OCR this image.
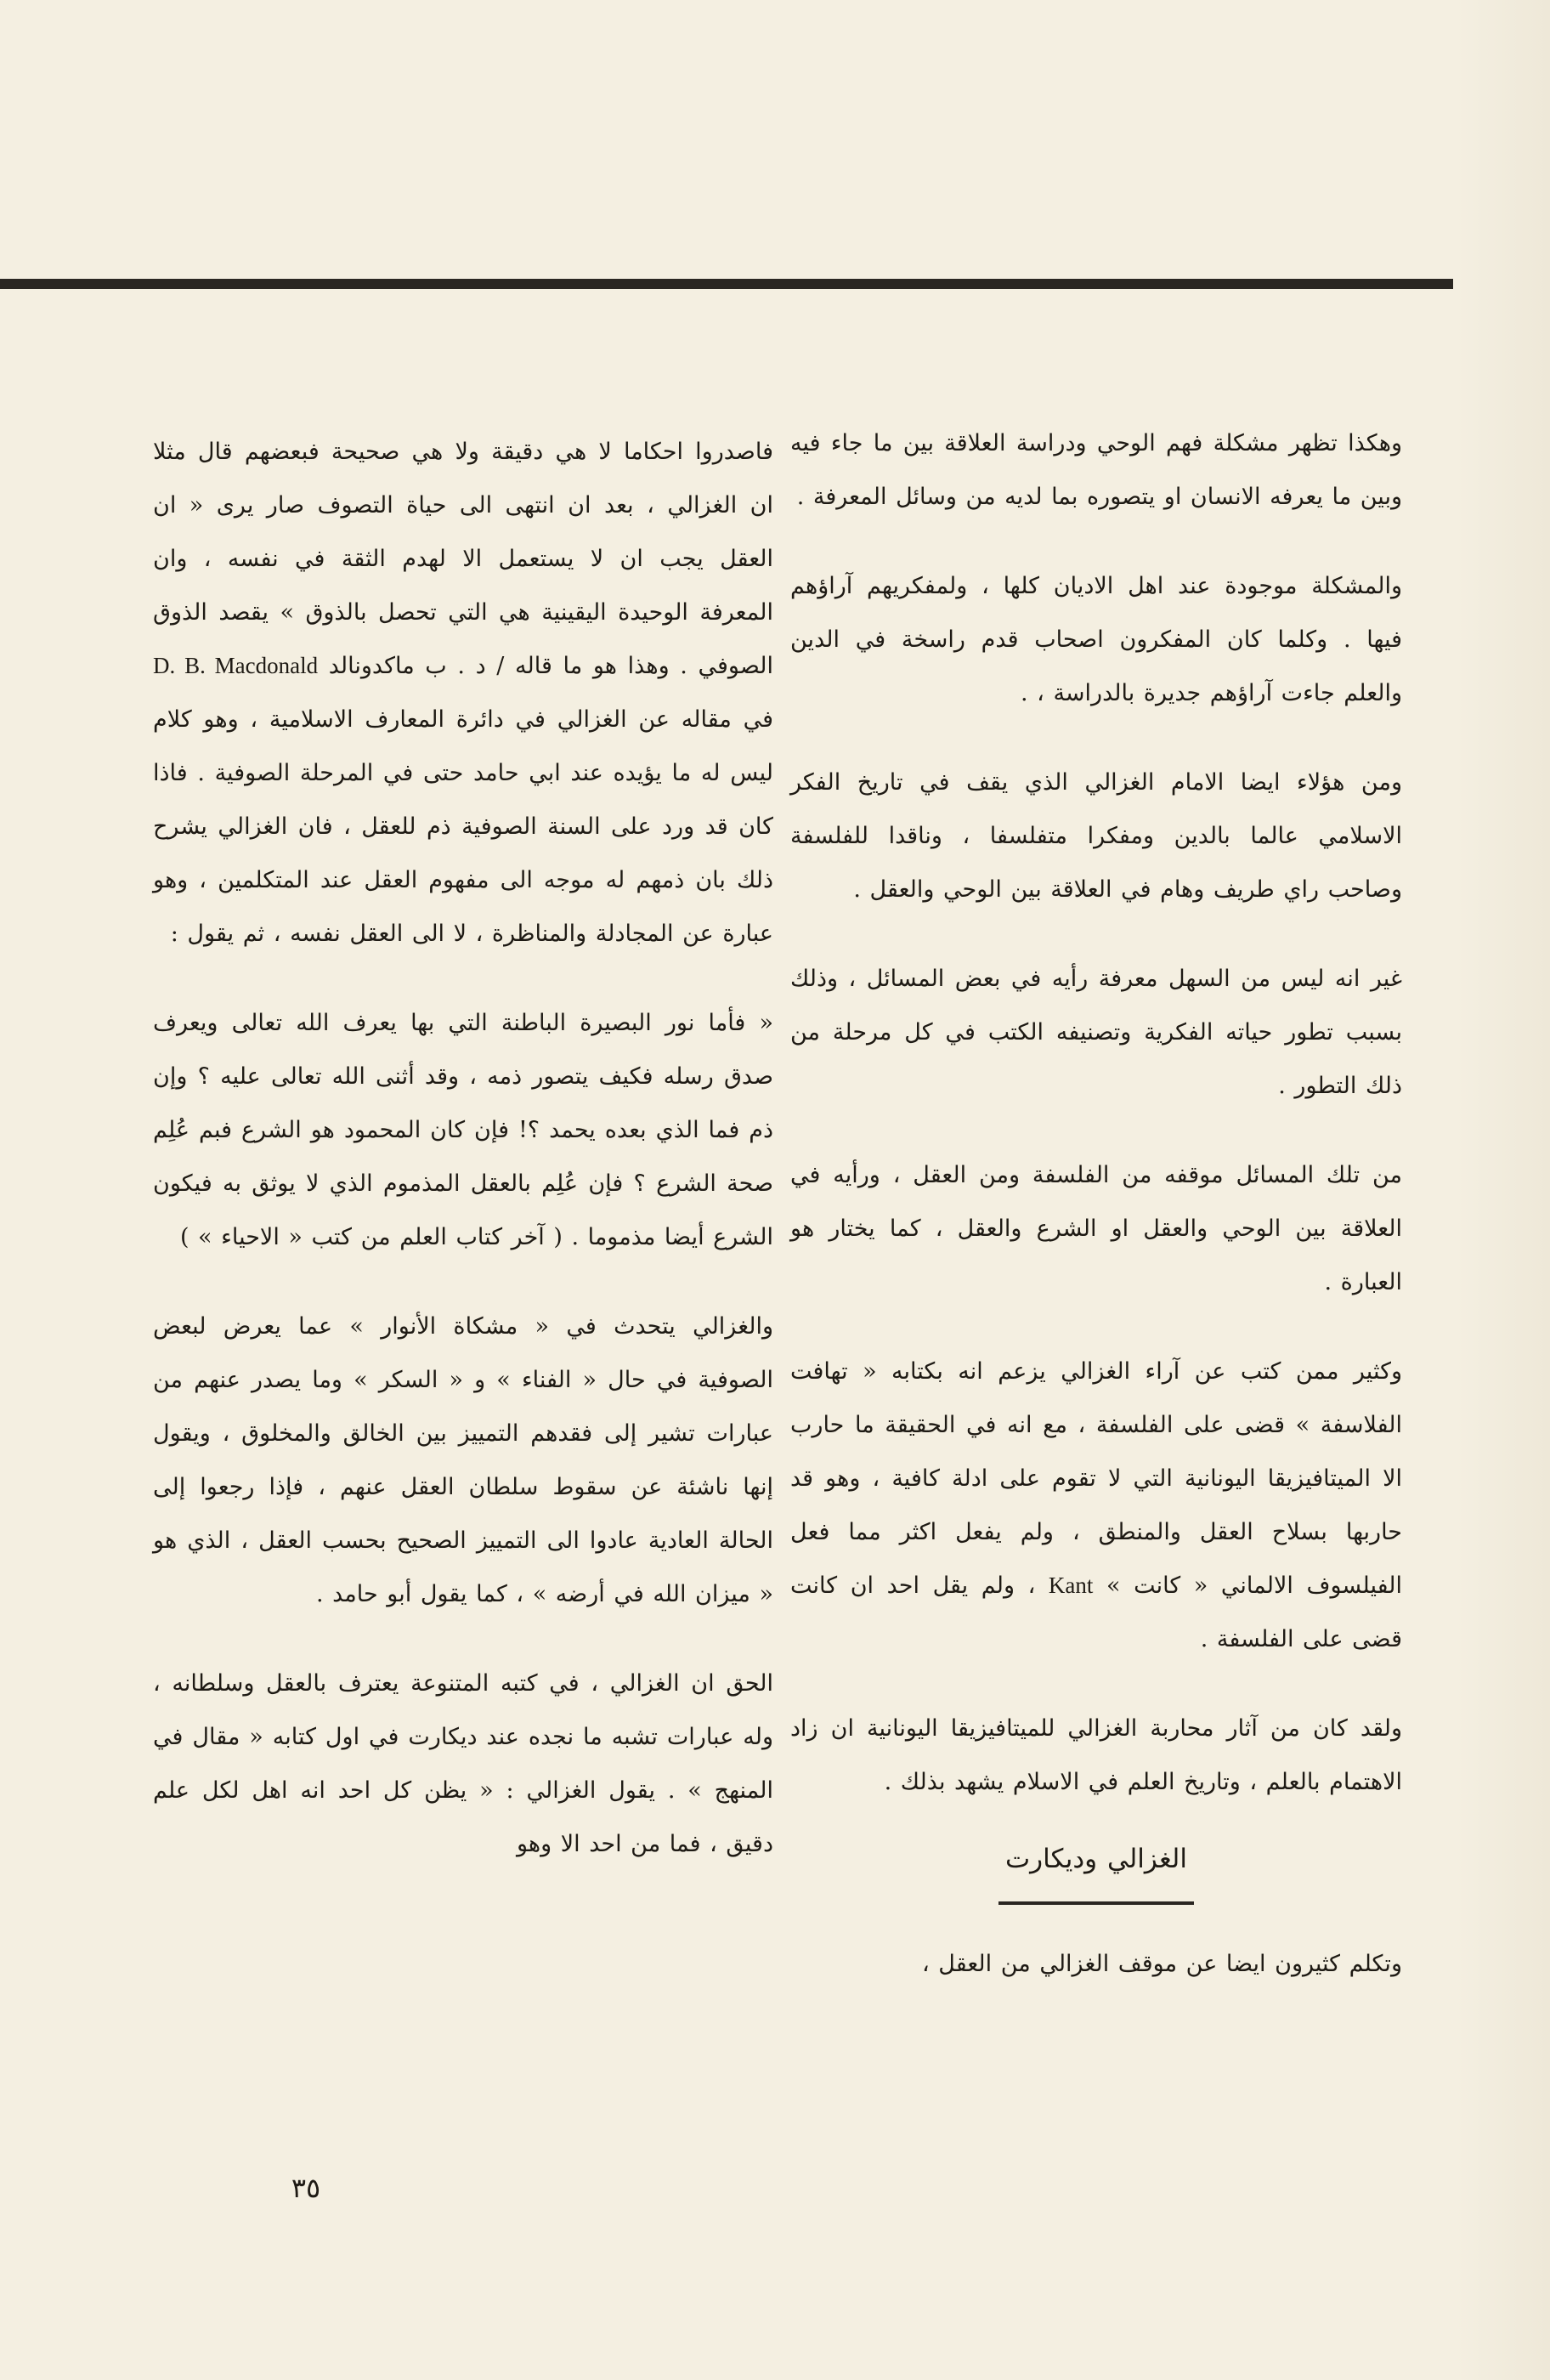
وهكذا تظهر مشكلة فهم الوحي ودراسة العلاقة بين ما جاء فيه وبين ما يعرفه الانسان او يتصوره بما لديه من وسائل المعرفة .

والمشكلة موجودة عند اهل الاديان كلها ، ولمفكريهم آراؤهم فيها . وكلما كان المفكرون اصحاب قدم راسخة في الدين والعلم جاءت آراؤهم جديرة بالدراسة ، .

ومن هؤلاء ايضا الامام الغزالي الذي يقف في تاريخ الفكر الاسلامي عالما بالدين ومفكرا متفلسفا ، وناقدا للفلسفة وصاحب راي طريف وهام في العلاقة بين الوحي والعقل .

غير انه ليس من السهل معرفة رأيه في بعض المسائل ، وذلك بسبب تطور حياته الفكرية وتصنيفه الكتب في كل مرحلة من ذلك التطور .

من تلك المسائل موقفه من الفلسفة ومن العقل ، ورأيه في العلاقة بين الوحي والعقل او الشرع والعقل ، كما يختار هو العبارة .

وكثير ممن كتب عن آراء الغزالي يزعم انه بكتابه « تهافت الفلاسفة » قضى على الفلسفة ، مع انه في الحقيقة ما حارب الا الميتافيزيقا اليونانية التي لا تقوم على ادلة كافية ، وهو قد حاربها بسلاح العقل والمنطق ، ولم يفعل اكثر مما فعل الفيلسوف الالماني « كانت » Kant ، ولم يقل احد ان كانت قضى على الفلسفة .

ولقد كان من آثار محاربة الغزالي للميتافيزيقا اليونانية ان زاد الاهتمام بالعلم ، وتاريخ العلم في الاسلام يشهد بذلك .

الغزالي وديكارت

وتكلم كثيرون ايضا عن موقف الغزالي من العقل ،

فاصدروا احكاما لا هي دقيقة ولا هي صحيحة فبعضهم قال مثلا ان الغزالي ، بعد ان انتهى الى حياة التصوف صار يرى « ان العقل يجب ان لا يستعمل الا لهدم الثقة في نفسه ، وان المعرفة الوحيدة اليقينية هي التي تحصل بالذوق » يقصد الذوق الصوفي . وهذا هو ما قاله / د . ب ماكدونالد D. B. Macdonald في مقاله عن الغزالي في دائرة المعارف الاسلامية ، وهو كلام ليس له ما يؤيده عند ابي حامد حتى في المرحلة الصوفية . فاذا كان قد ورد على السنة الصوفية ذم للعقل ، فان الغزالي يشرح ذلك بان ذمهم له موجه الى مفهوم العقل عند المتكلمين ، وهو عبارة عن المجادلة والمناظرة ، لا الى العقل نفسه ، ثم يقول :

« فأما نور البصيرة الباطنة التي بها يعرف الله تعالى ويعرف صدق رسله فكيف يتصور ذمه ، وقد أثنى الله تعالى عليه ؟ وإن ذم فما الذي بعده يحمد ؟! فإن كان المحمود هو الشرع فبم عُلِم صحة الشرع ؟ فإن عُلِم بالعقل المذموم الذي لا يوثق به فيكون الشرع أيضا مذموما . ( آخر كتاب العلم من كتب « الاحياء » )

والغزالي يتحدث في « مشكاة الأنوار » عما يعرض لبعض الصوفية في حال « الفناء » و « السكر » وما يصدر عنهم من عبارات تشير إلى فقدهم التمييز بين الخالق والمخلوق ، ويقول إنها ناشئة عن سقوط سلطان العقل عنهم ، فإذا رجعوا إلى الحالة العادية عادوا الى التمييز الصحيح بحسب العقل ، الذي هو « ميزان الله في أرضه » ، كما يقول أبو حامد .

الحق ان الغزالي ، في كتبه المتنوعة يعترف بالعقل وسلطانه ، وله عبارات تشبه ما نجده عند ديكارت في اول كتابه « مقال في المنهج » . يقول الغزالي : « يظن كل احد انه اهل لكل علم دقيق ، فما من احد الا وهو

٣٥
